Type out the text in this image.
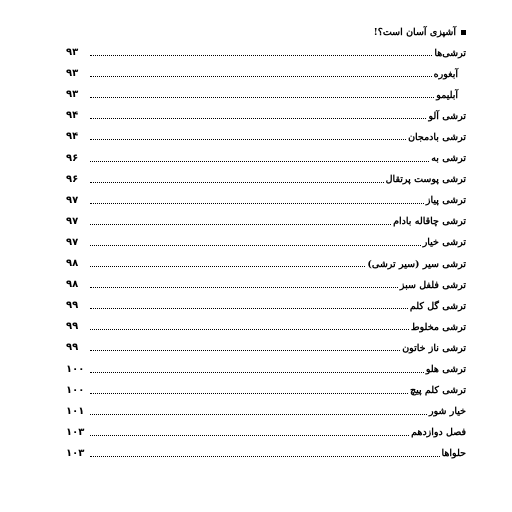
آشپزی آسان است؟!
ترشی‌ها
۹۳
آبغوره
۹۳
آبلیمو
۹۳
ترشی آلو
۹۴
ترشی بادمجان
۹۴
ترشی به
۹۶
ترشی پوست پرتقال
۹۶
ترشی پیاز
۹۷
ترشی چاقاله بادام
۹۷
ترشی خیار
۹۷
ترشی سیر (سیر ترشی)
۹۸
ترشی فلفل سبز
۹۸
ترشی گل کلم
۹۹
ترشی مخلوط
۹۹
ترشی ناز خاتون
۹۹
ترشی هلو
۱۰۰
ترشی کلم پیچ
۱۰۰
خیار شور
۱۰۱
فصل دوازدهم
۱۰۳
حلواها
۱۰۳
